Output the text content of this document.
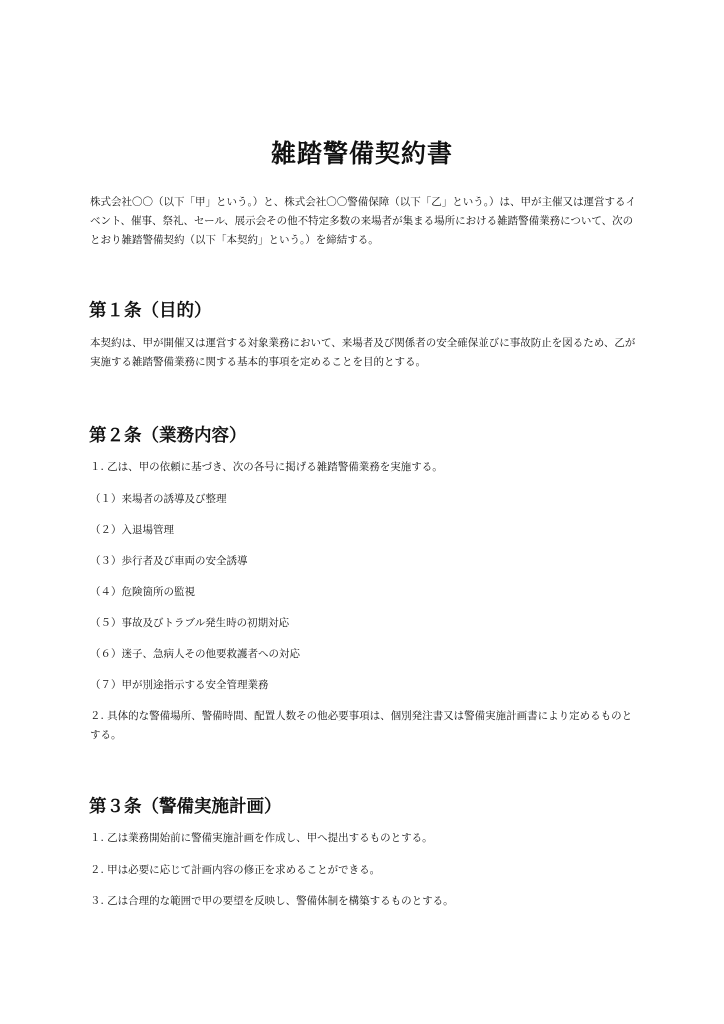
雑踏警備契約書

株式会社〇〇（以下「甲」という。）と、株式会社〇〇警備保障（以下「乙」という。）は、甲が主催又は運営するイベント、催事、祭礼、セール、展示会その他不特定多数の来場者が集まる場所における雑踏警備業務について、次のとおり雑踏警備契約（以下「本契約」という。）を締結する。

第１条（目的）

本契約は、甲が開催又は運営する対象業務において、来場者及び関係者の安全確保並びに事故防止を図るため、乙が実施する雑踏警備業務に関する基本的事項を定めることを目的とする。

第２条（業務内容）

１. 乙は、甲の依頼に基づき、次の各号に掲げる雑踏警備業務を実施する。

（１）来場者の誘導及び整理

（２）入退場管理

（３）歩行者及び車両の安全誘導

（４）危険箇所の監視

（５）事故及びトラブル発生時の初期対応

（６）迷子、急病人その他要救護者への対応

（７）甲が別途指示する安全管理業務

２. 具体的な警備場所、警備時間、配置人数その他必要事項は、個別発注書又は警備実施計画書により定めるものとする。

第３条（警備実施計画）

１. 乙は業務開始前に警備実施計画を作成し、甲へ提出するものとする。

２. 甲は必要に応じて計画内容の修正を求めることができる。

３. 乙は合理的な範囲で甲の要望を反映し、警備体制を構築するものとする。
